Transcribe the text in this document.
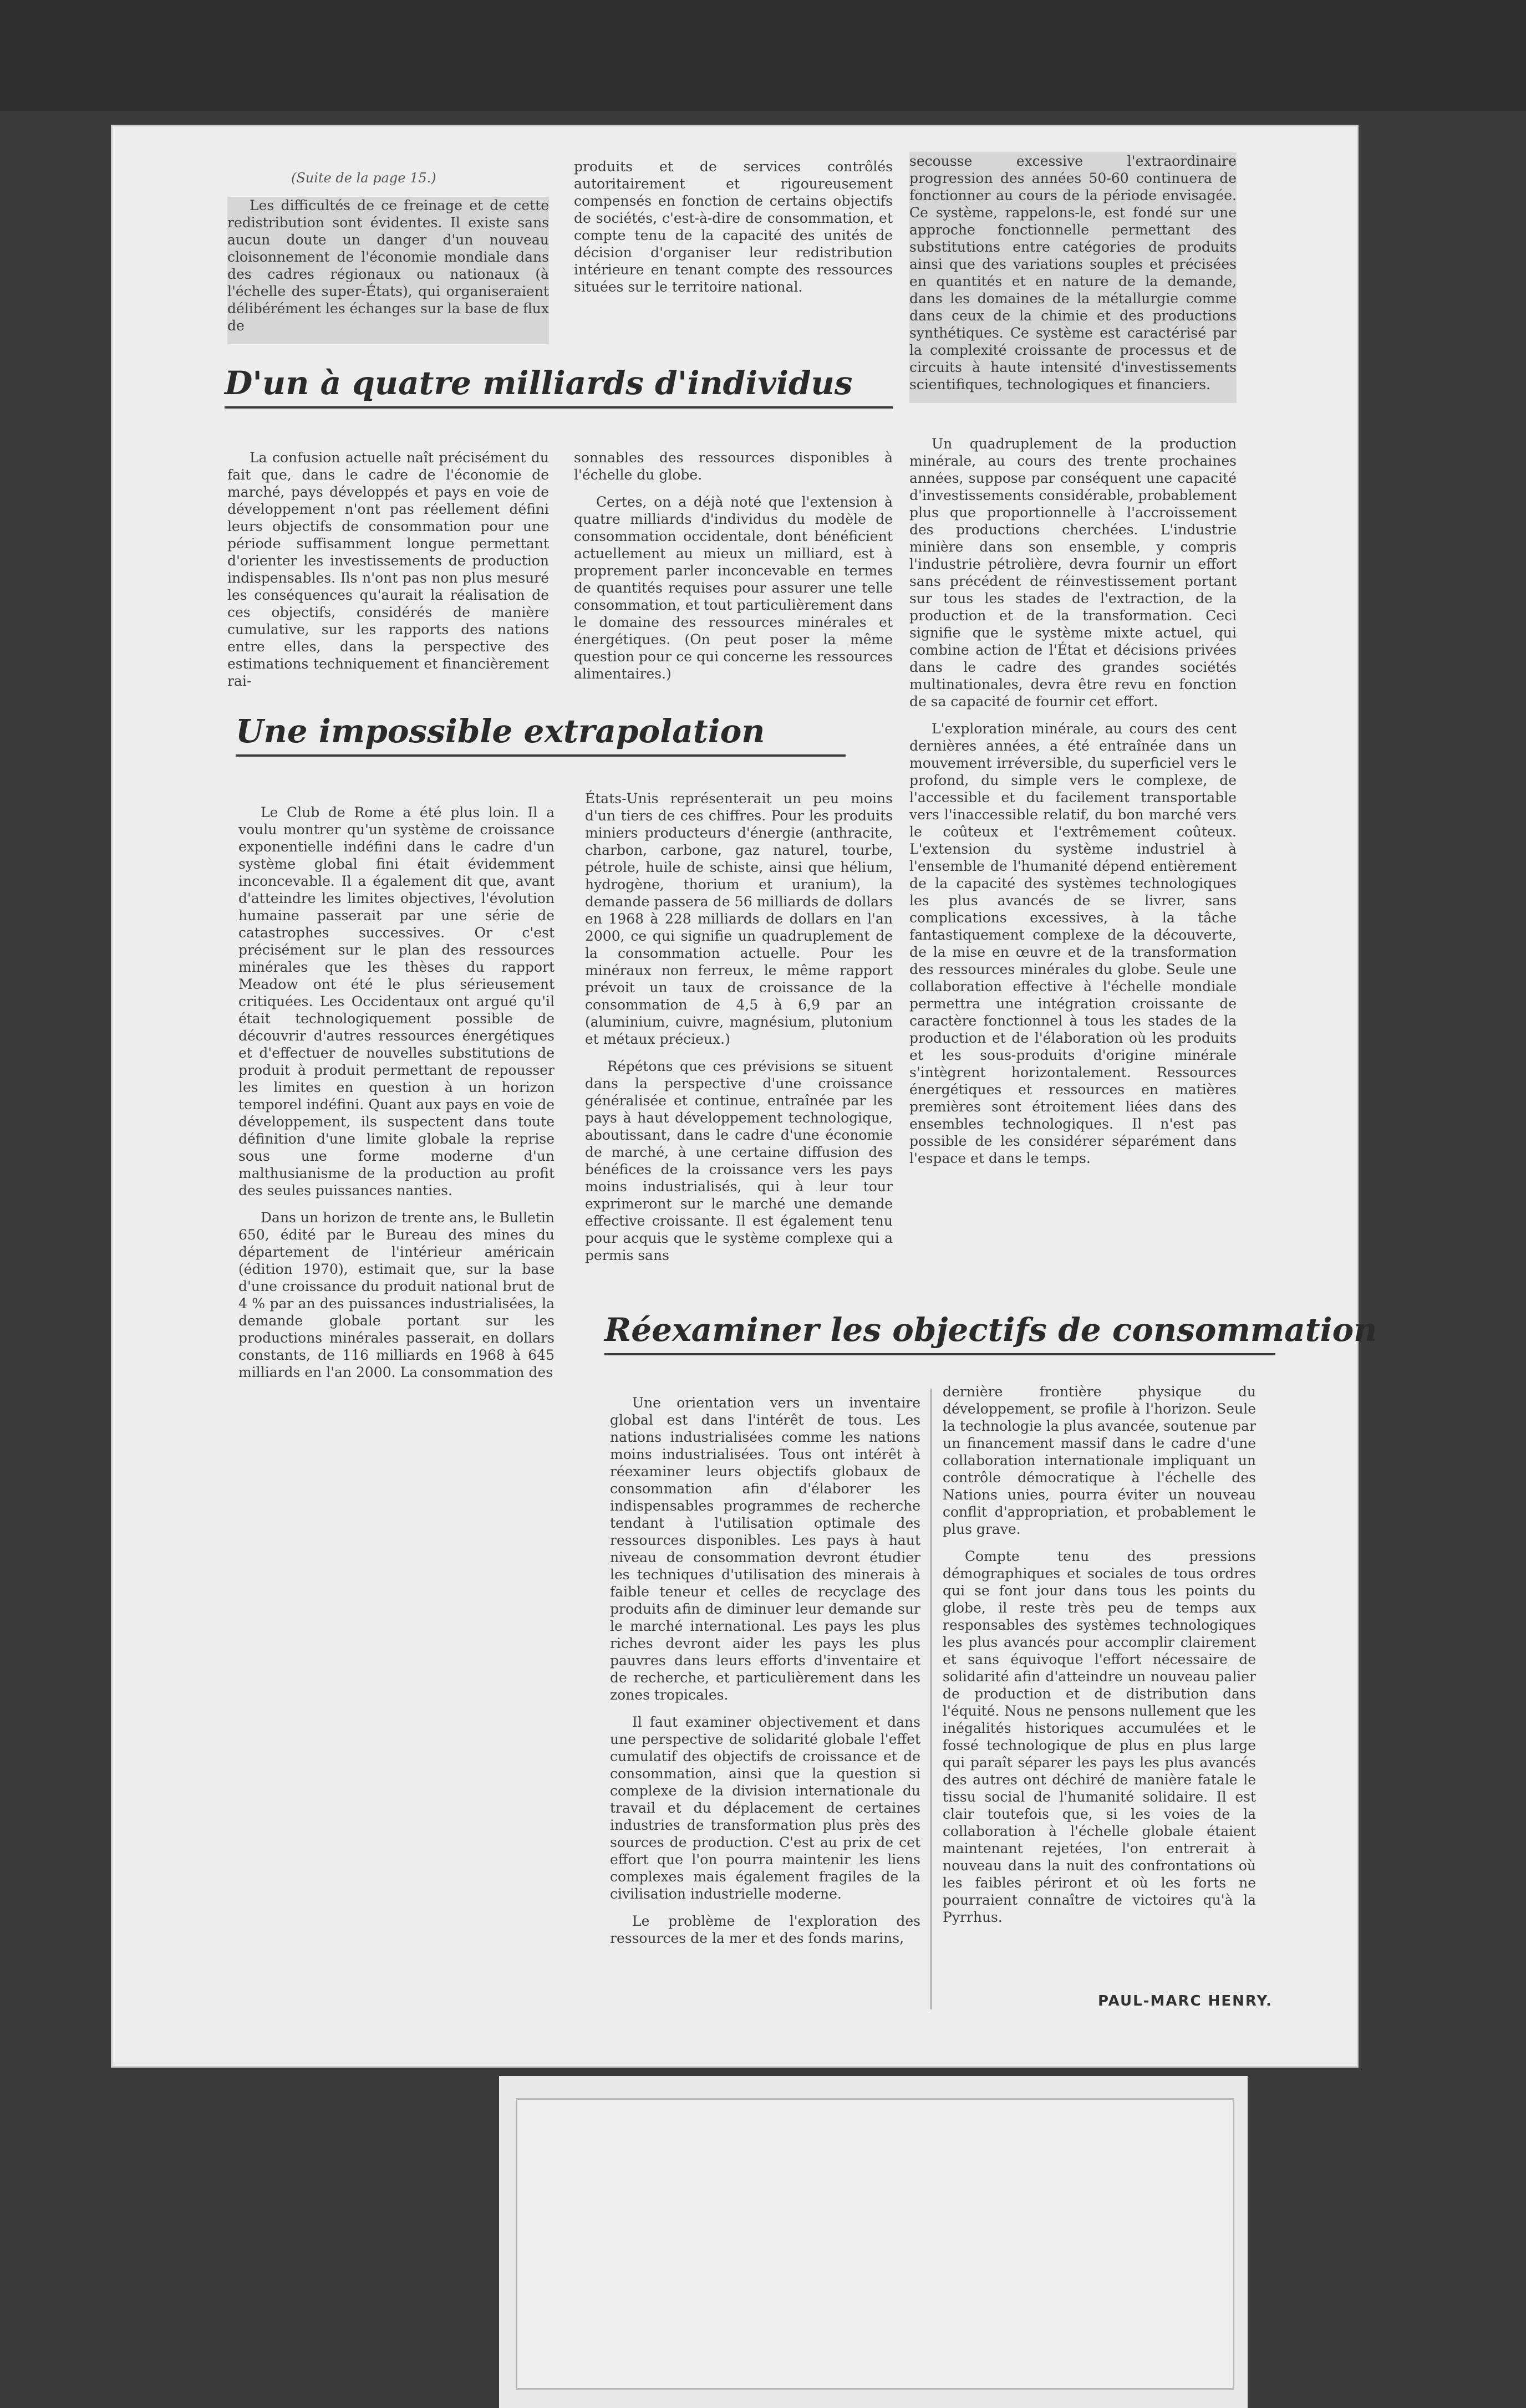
(Suite de la page 15.)

Les difficultés de ce freinage et de cette redistribution sont évidentes. Il existe sans aucun doute un danger d'un nouveau cloisonnement de l'économie mondiale dans des cadres régionaux ou nationaux (à l'échelle des super-États), qui organiseraient délibérément les échanges sur la base de flux de

produits et de services contrôlés autoritairement et rigoureusement compensés en fonction de certains objectifs de sociétés, c'est-à-dire de consommation, et compte tenu de la capacité des unités de décision d'organiser leur redistribution intérieure en tenant compte des ressources situées sur le territoire national.

secousse excessive l'extraordinaire progression des années 50-60 continuera de fonctionner au cours de la période envisagée. Ce système, rappelons-le, est fondé sur une approche fonctionnelle permettant des substitutions entre catégories de produits ainsi que des variations souples et précisées en quantités et en nature de la demande, dans les domaines de la métallurgie comme dans ceux de la chimie et des productions synthétiques. Ce système est caractérisé par la complexité croissante de processus et de circuits à haute intensité d'investissements scientifiques, technologiques et financiers.

D'un à quatre milliards d'individus

La confusion actuelle naît précisément du fait que, dans le cadre de l'économie de marché, pays développés et pays en voie de développement n'ont pas réellement défini leurs objectifs de consommation pour une période suffisamment longue permettant d'orienter les investissements de production indispensables. Ils n'ont pas non plus mesuré les conséquences qu'aurait la réalisation de ces objectifs, considérés de manière cumulative, sur les rapports des nations entre elles, dans la perspective des estimations techniquement et financièrement rai-

sonnables des ressources disponibles à l'échelle du globe.

Certes, on a déjà noté que l'extension à quatre milliards d'individus du modèle de consommation occidentale, dont bénéficient actuellement au mieux un milliard, est à proprement parler inconcevable en termes de quantités requises pour assurer une telle consommation, et tout particulièrement dans le domaine des ressources minérales et énergétiques. (On peut poser la même question pour ce qui concerne les ressources alimentaires.)

Un quadruplement de la production minérale, au cours des trente prochaines années, suppose par conséquent une capacité d'investissements considérable, probablement plus que proportionnelle à l'accroissement des productions cherchées. L'industrie minière dans son ensemble, y compris l'industrie pétrolière, devra fournir un effort sans précédent de réinvestissement portant sur tous les stades de l'extraction, de la production et de la transformation. Ceci signifie que le système mixte actuel, qui combine action de l'État et décisions privées dans le cadre des grandes sociétés multinationales, devra être revu en fonction de sa capacité de fournir cet effort.

L'exploration minérale, au cours des cent dernières années, a été entraînée dans un mouvement irréversible, du superficiel vers le profond, du simple vers le complexe, de l'accessible et du facilement transportable vers l'inaccessible relatif, du bon marché vers le coûteux et l'extrêmement coûteux. L'extension du système industriel à l'ensemble de l'humanité dépend entièrement de la capacité des systèmes technologiques les plus avancés de se livrer, sans complications excessives, à la tâche fantastiquement complexe de la découverte, de la mise en œuvre et de la transformation des ressources minérales du globe. Seule une collaboration effective à l'échelle mondiale permettra une intégration croissante de caractère fonctionnel à tous les stades de la production et de l'élaboration où les produits et les sous-produits d'origine minérale s'intègrent horizontalement. Ressources énergétiques et ressources en matières premières sont étroitement liées dans des ensembles technologiques. Il n'est pas possible de les considérer séparément dans l'espace et dans le temps.

Une impossible extrapolation

Le Club de Rome a été plus loin. Il a voulu montrer qu'un système de croissance exponentielle indéfini dans le cadre d'un système global fini était évidemment inconcevable. Il a également dit que, avant d'atteindre les limites objectives, l'évolution humaine passerait par une série de catastrophes successives. Or c'est précisément sur le plan des ressources minérales que les thèses du rapport Meadow ont été le plus sérieusement critiquées. Les Occidentaux ont argué qu'il était technologiquement possible de découvrir d'autres ressources énergétiques et d'effectuer de nouvelles substitutions de produit à produit permettant de repousser les limites en question à un horizon temporel indéfini. Quant aux pays en voie de développement, ils suspectent dans toute définition d'une limite globale la reprise sous une forme moderne d'un malthusianisme de la production au profit des seules puissances nanties.

Dans un horizon de trente ans, le Bulletin 650, édité par le Bureau des mines du département de l'intérieur américain (édition 1970), estimait que, sur la base d'une croissance du produit national brut de 4 % par an des puissances industrialisées, la demande globale portant sur les productions minérales passerait, en dollars constants, de 116 milliards en 1968 à 645 milliards en l'an 2000. La consommation des

États-Unis représenterait un peu moins d'un tiers de ces chiffres. Pour les produits miniers producteurs d'énergie (anthracite, charbon, carbone, gaz naturel, tourbe, pétrole, huile de schiste, ainsi que hélium, hydrogène, thorium et uranium), la demande passera de 56 milliards de dollars en 1968 à 228 milliards de dollars en l'an 2000, ce qui signifie un quadruplement de la consommation actuelle. Pour les minéraux non ferreux, le même rapport prévoit un taux de croissance de la consommation de 4,5 à 6,9 par an (aluminium, cuivre, magnésium, plutonium et métaux précieux.)

Répétons que ces prévisions se situent dans la perspective d'une croissance généralisée et continue, entraînée par les pays à haut développement technologique, aboutissant, dans le cadre d'une économie de marché, à une certaine diffusion des bénéfices de la croissance vers les pays moins industrialisés, qui à leur tour exprimeront sur le marché une demande effective croissante. Il est également tenu pour acquis que le système complexe qui a permis sans

Réexaminer les objectifs de consommation

Une orientation vers un inventaire global est dans l'intérêt de tous. Les nations industrialisées comme les nations moins industrialisées. Tous ont intérêt à réexaminer leurs objectifs globaux de consommation afin d'élaborer les indispensables programmes de recherche tendant à l'utilisation optimale des ressources disponibles. Les pays à haut niveau de consommation devront étudier les techniques d'utilisation des minerais à faible teneur et celles de recyclage des produits afin de diminuer leur demande sur le marché international. Les pays les plus riches devront aider les pays les plus pauvres dans leurs efforts d'inventaire et de recherche, et particulièrement dans les zones tropicales.

Il faut examiner objectivement et dans une perspective de solidarité globale l'effet cumulatif des objectifs de croissance et de consommation, ainsi que la question si complexe de la division internationale du travail et du déplacement de certaines industries de transformation plus près des sources de production. C'est au prix de cet effort que l'on pourra maintenir les liens complexes mais également fragiles de la civilisation industrielle moderne.

Le problème de l'exploration des ressources de la mer et des fonds marins,

dernière frontière physique du développement, se profile à l'horizon. Seule la technologie la plus avancée, soutenue par un financement massif dans le cadre d'une collaboration internationale impliquant un contrôle démocratique à l'échelle des Nations unies, pourra éviter un nouveau conflit d'appropriation, et probablement le plus grave.

Compte tenu des pressions démographiques et sociales de tous ordres qui se font jour dans tous les points du globe, il reste très peu de temps aux responsables des systèmes technologiques les plus avancés pour accomplir clairement et sans équivoque l'effort nécessaire de solidarité afin d'atteindre un nouveau palier de production et de distribution dans l'équité. Nous ne pensons nullement que les inégalités historiques accumulées et le fossé technologique de plus en plus large qui paraît séparer les pays les plus avancés des autres ont déchiré de manière fatale le tissu social de l'humanité solidaire. Il est clair toutefois que, si les voies de la collaboration à l'échelle globale étaient maintenant rejetées, l'on entrerait à nouveau dans la nuit des confrontations où les faibles périront et où les forts ne pourraient connaître de victoires qu'à la Pyrrhus.

PAUL-MARC HENRY.
